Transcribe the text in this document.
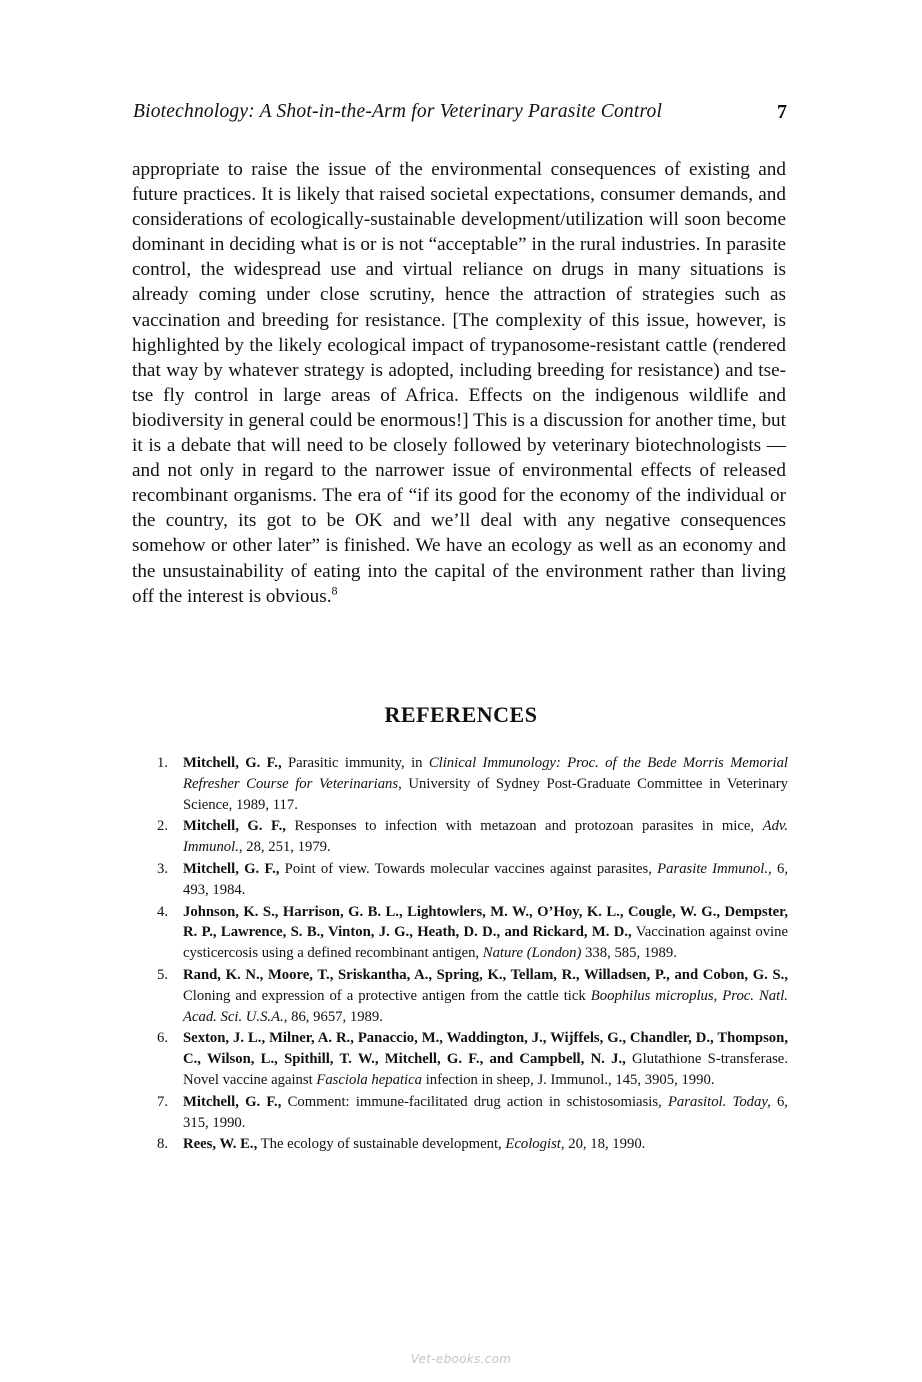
Biotechnology: A Shot-in-the-Arm for Veterinary Parasite Control	7

appropriate to raise the issue of the environmental consequences of existing and future practices. It is likely that raised societal expectations, consumer demands, and considerations of ecologically-sustainable development/utilization will soon become dominant in deciding what is or is not “acceptable” in the rural industries. In parasite control, the widespread use and virtual reliance on drugs in many situations is already coming under close scrutiny, hence the attraction of strategies such as vaccination and breeding for resistance. [The complexity of this issue, however, is highlighted by the likely ecological impact of trypanosome-resistant cattle (rendered that way by whatever strategy is adopted, including breeding for resistance) and tse-tse fly control in large areas of Africa. Effects on the indigenous wildlife and biodiversity in general could be enormous!] This is a discussion for another time, but it is a debate that will need to be closely followed by veterinary biotechnologists — and not only in regard to the narrower issue of environmental effects of released recombinant organisms. The era of “if its good for the economy of the individual or the country, its got to be OK and we’ll deal with any negative consequences somehow or other later” is finished. We have an ecology as well as an economy and the unsustainability of eating into the capital of the environment rather than living off the interest is obvious.$^8$

REFERENCES
1. Mitchell, G. F., Parasitic immunity, in Clinical Immunology: Proc. of the Bede Morris Memorial Refresher Course for Veterinarians, University of Sydney Post-Graduate Committee in Veterinary Science, 1989, 117.
2. Mitchell, G. F., Responses to infection with metazoan and protozoan parasites in mice, Adv. Immunol., 28, 251, 1979.
3. Mitchell, G. F., Point of view. Towards molecular vaccines against parasites, Parasite Immunol., 6, 493, 1984.
4. Johnson, K. S., Harrison, G. B. L., Lightowlers, M. W., O’Hoy, K. L., Cougle, W. G., Dempster, R. P., Lawrence, S. B., Vinton, J. G., Heath, D. D., and Rickard, M. D., Vaccination against ovine cysticercosis using a defined recombinant antigen, Nature (London) 338, 585, 1989.
5. Rand, K. N., Moore, T., Sriskantha, A., Spring, K., Tellam, R., Willadsen, P., and Cobon, G. S., Cloning and expression of a protective antigen from the cattle tick Boophilus microplus, Proc. Natl. Acad. Sci. U.S.A., 86, 9657, 1989.
6. Sexton, J. L., Milner, A. R., Panaccio, M., Waddington, J., Wijffels, G., Chandler, D., Thompson, C., Wilson, L., Spithill, T. W., Mitchell, G. F., and Campbell, N. J., Glutathione S-transferase. Novel vaccine against Fasciola hepatica infection in sheep, J. Immunol., 145, 3905, 1990.
7. Mitchell, G. F., Comment: immune-facilitated drug action in schistosomiasis, Parasitol. Today, 6, 315, 1990.
8. Rees, W. E., The ecology of sustainable development, Ecologist, 20, 18, 1990.
Vet-ebooks.com
